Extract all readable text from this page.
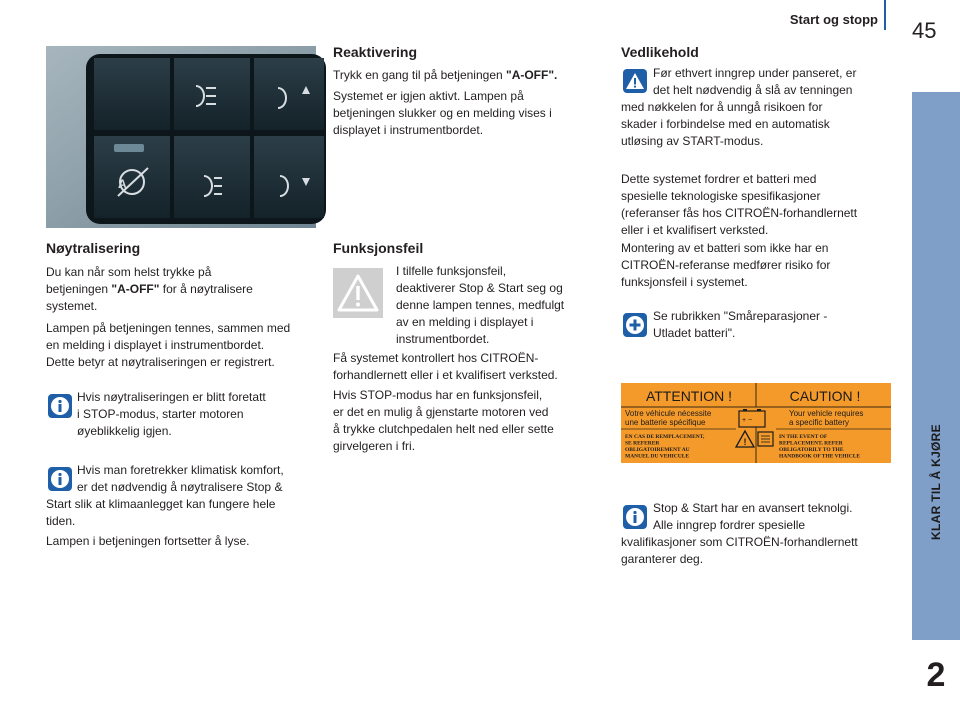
Start og stopp 45
KLAR TIL Å KJØRE
2
A
Nøytralisering
Du kan når som helst trykke på
betjeningen "A-OFF" for å nøytralisere
systemet.
Lampen på betjeningen tennes, sammen med
en melding i displayet i instrumentbordet.
Dette betyr at nøytraliseringen er registrert.
Hvis nøytraliseringen er blitt foretatt
i STOP-modus, starter motoren
øyeblikkelig igjen.
Hvis man foretrekker klimatisk komfort,
er det nødvendig å nøytralisere Stop &
Start slik at klimaanlegget kan fungere hele
tiden.
Lampen i betjeningen fortsetter å lyse.
Reaktivering
Trykk en gang til på betjeningen "A-OFF".
Systemet er igjen aktivt. Lampen på
betjeningen slukker og en melding vises i
displayet i instrumentbordet.
Funksjonsfeil
I tilfelle funksjonsfeil,
deaktiverer Stop & Start seg og
denne lampen tennes, medfulgt
av en melding i displayet i
instrumentbordet.
Få systemet kontrollert hos CITROËN-
forhandlernett eller i et kvalifisert verksted.
Hvis STOP-modus har en funksjonsfeil,
er det en mulig å gjenstarte motoren ved
å trykke clutchpedalen helt ned eller sette
girvelgeren i fri.
Vedlikehold
Før ethvert inngrep under panseret, er
det helt nødvendig å slå av tenningen
med nøkkelen for å unngå risikoen for
skader i forbindelse med en automatisk
utløsing av START-modus.
Dette systemet fordrer et batteri med
spesielle teknologiske spesifikasjoner
(referanser fås hos CITROËN-forhandlernett
eller i et kvalifisert verksted.
Montering av et batteri som ikke har en
CITROËN-referanse medfører risiko for
funksjonsfeil i systemet.
Se rubrikken "Småreparasjoner -
Utladet batteri".
ATTENTION !	CAUTION !
Votre véhicule nécessite
une batterie spécifique
Your vehicle requires
a specific battery
EN CAS DE REMPLACEMENT,
SE REFERER
OBLIGATOIREMENT AU
MANUEL DU VEHICULE
IN THE EVENT OF
REPLACEMENT, REFER
OBLIGATORILY TO THE
HANDBOOK OF THE VEHICLE
+ −
!
Stop & Start har en avansert teknolgi.
Alle inngrep fordrer spesielle
kvalifikasjoner som CITROËN-forhandlernett
garanterer deg.
